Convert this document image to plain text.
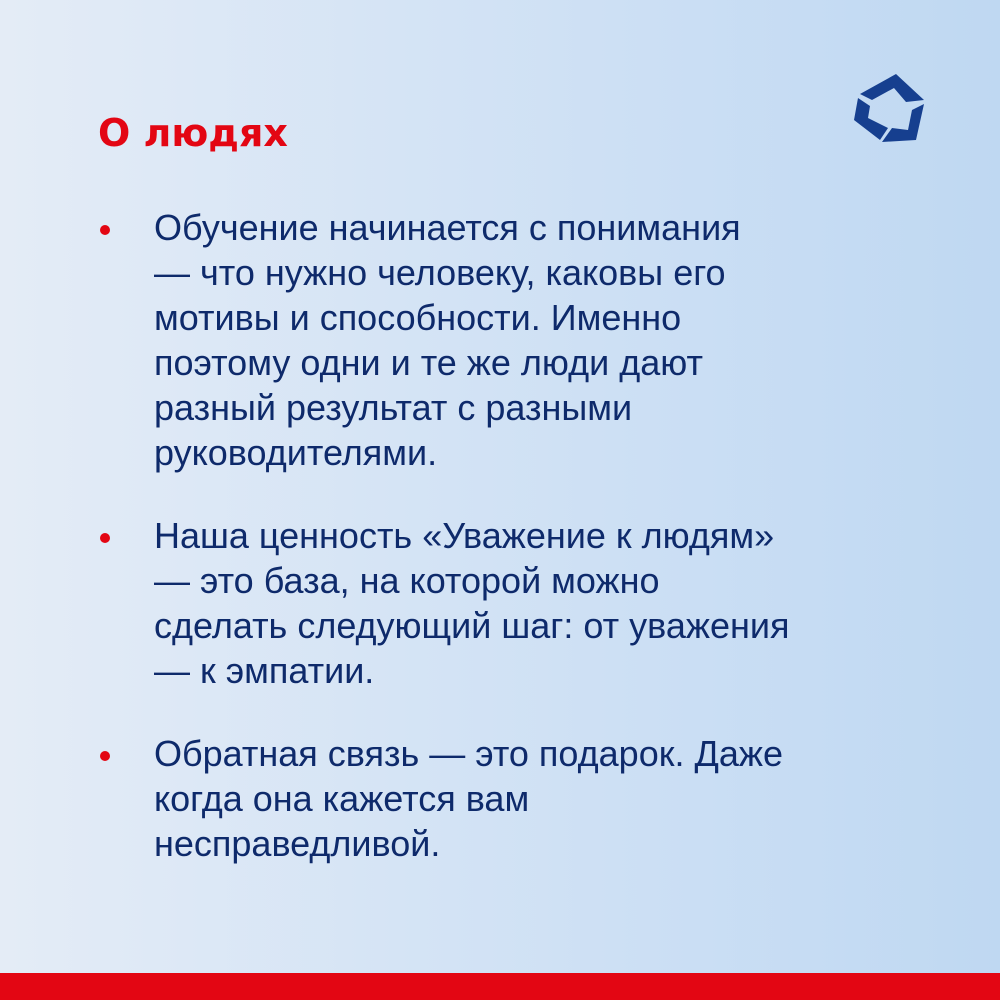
О людях
Обучение начинается с понимания
— что нужно человеку, каковы его
мотивы и способности. Именно
поэтому одни и те же люди дают
разный результат с разными
руководителями.
Наша ценность «Уважение к людям»
— это база, на которой можно
сделать следующий шаг: от уважения
— к эмпатии.
Обратная связь — это подарок. Даже
когда она кажется вам
несправедливой.
